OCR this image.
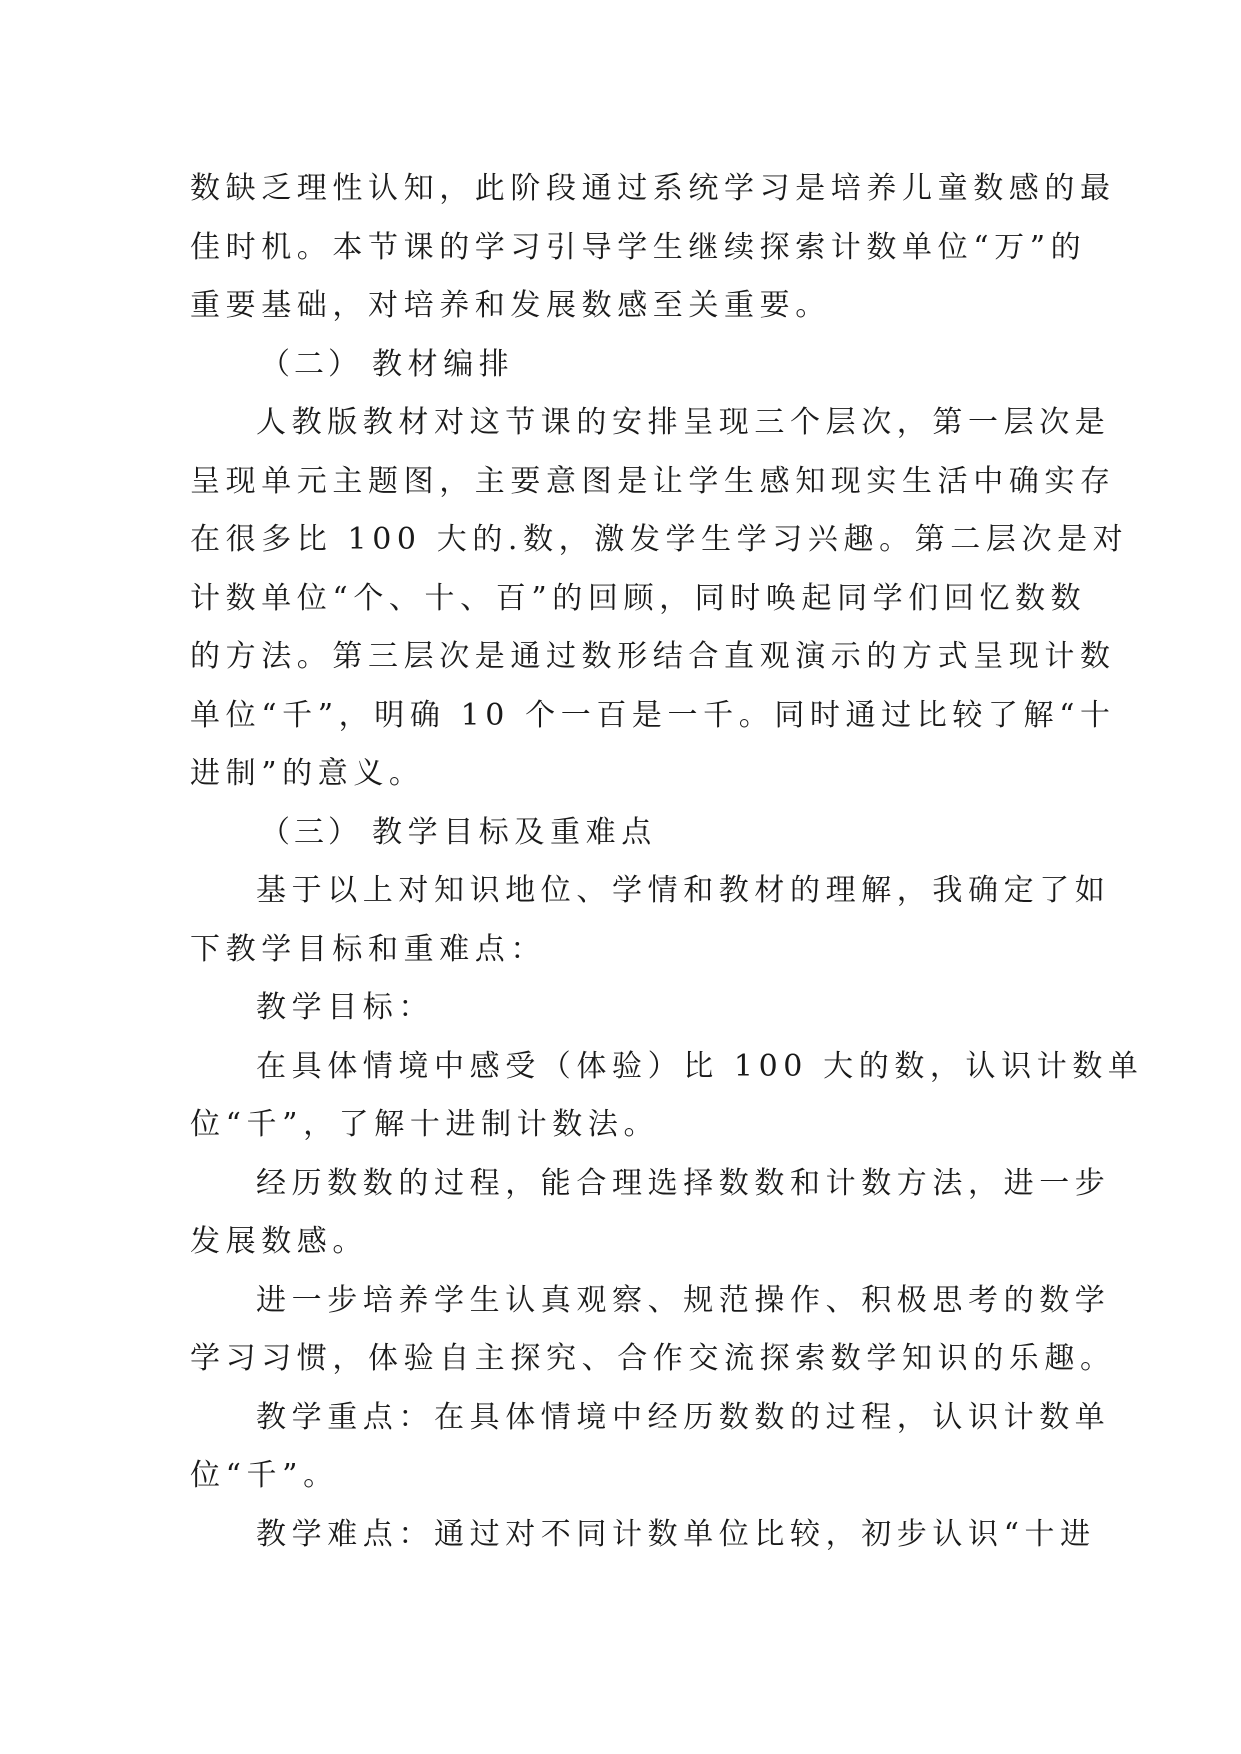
数缺乏理性认知，此阶段通过系统学习是培养儿童数感的最
佳时机。本节课的学习引导学生继续探索计数单位“万”的
重要基础，对培养和发展数感至关重要。
（二） 教材编排
人教版教材对这节课的安排呈现三个层次，第一层次是
呈现单元主题图，主要意图是让学生感知现实生活中确实存
在很多比 100 大的.数，激发学生学习兴趣。第二层次是对
计数单位“个、十、百”的回顾，同时唤起同学们回忆数数
的方法。第三层次是通过数形结合直观演示的方式呈现计数
单位“千”，明确 10 个一百是一千。同时通过比较了解“十
进制”的意义。
（三） 教学目标及重难点
基于以上对知识地位、学情和教材的理解，我确定了如
下教学目标和重难点：
教学目标：
在具体情境中感受（体验）比 100 大的数，认识计数单
位“千”，了解十进制计数法。
经历数数的过程，能合理选择数数和计数方法，进一步
发展数感。
进一步培养学生认真观察、规范操作、积极思考的数学
学习习惯，体验自主探究、合作交流探索数学知识的乐趣。
教学重点：在具体情境中经历数数的过程，认识计数单
位“千”。
教学难点：通过对不同计数单位比较，初步认识“十进
